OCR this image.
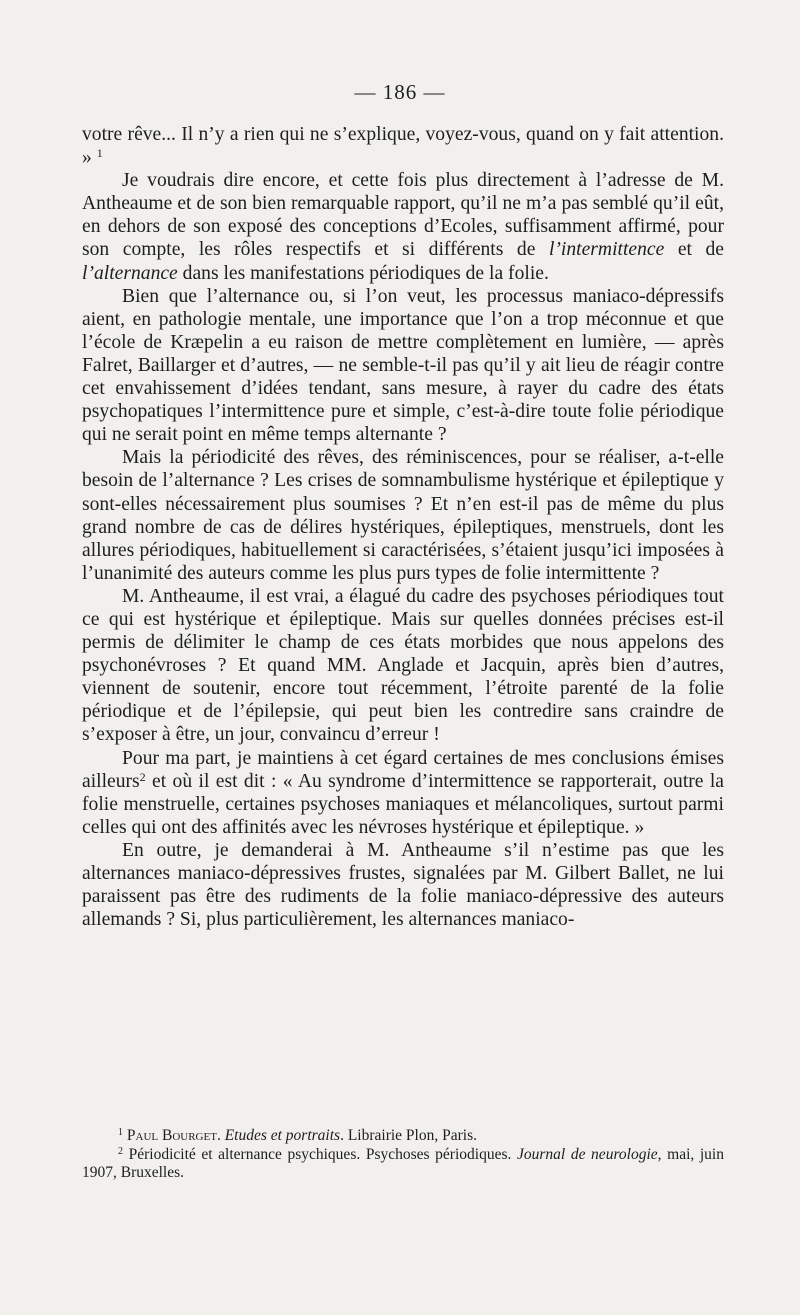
— 186 —

votre rêve... Il n’y a rien qui ne s’explique, voyez-vous, quand on y fait attention. » $^1$

Je voudrais dire encore, et cette fois plus directement à l’adresse de M. Antheaume et de son bien remarquable rapport, qu’il ne m’a pas semblé qu’il eût, en dehors de son exposé des conceptions d’Ecoles, suffisamment affirmé, pour son compte, les rôles respectifs et si différents de l’intermittence et de l’alternance dans les manifestations périodiques de la folie.

Bien que l’alternance ou, si l’on veut, les processus maniaco-dépressifs aient, en pathologie mentale, une importance que l’on a trop méconnue et que l’école de Kræpelin a eu raison de mettre complètement en lumière, — après Falret, Baillarger et d’autres, — ne semble-t-il pas qu’il y ait lieu de réagir contre cet envahissement d’idées tendant, sans mesure, à rayer du cadre des états psychopatiques l’intermittence pure et simple, c’est-à-dire toute folie périodique qui ne serait point en même temps alternante ?

Mais la périodicité des rêves, des réminiscences, pour se réaliser, a-t-elle besoin de l’alternance ? Les crises de somnambulisme hystérique et épileptique y sont-elles nécessairement plus soumises ? Et n’en est-il pas de même du plus grand nombre de cas de délires hystériques, épileptiques, menstruels, dont les allures périodiques, habituellement si caractérisées, s’étaient jusqu’ici imposées à l’unanimité des auteurs comme les plus purs types de folie intermittente ?

M. Antheaume, il est vrai, a élagué du cadre des psychoses périodiques tout ce qui est hystérique et épileptique. Mais sur quelles données précises est-il permis de délimiter le champ de ces états morbides que nous appelons des psychonévroses ? Et quand MM. Anglade et Jacquin, après bien d’autres, viennent de soutenir, encore tout récemment, l’étroite parenté de la folie périodique et de l’épilepsie, qui peut bien les contredire sans craindre de s’exposer à être, un jour, convaincu d’erreur !

Pour ma part, je maintiens à cet égard certaines de mes conclusions émises ailleurs$^2$ et où il est dit : « Au syndrome d’intermittence se rapporterait, outre la folie menstruelle, certaines psychoses maniaques et mélancoliques, surtout parmi celles qui ont des affinités avec les névroses hystérique et épileptique. »

En outre, je demanderai à M. Antheaume s’il n’estime pas que les alternances maniaco-dépressives frustes, signalées par M. Gilbert Ballet, ne lui paraissent pas être des rudiments de la folie maniaco-dépressive des auteurs allemands ? Si, plus particulièrement, les alternances maniaco-

$^1$ Paul Bourget. Etudes et portraits. Librairie Plon, Paris.

$^2$ Périodicité et alternance psychiques. Psychoses périodiques. Journal de neurologie, mai, juin 1907, Bruxelles.
